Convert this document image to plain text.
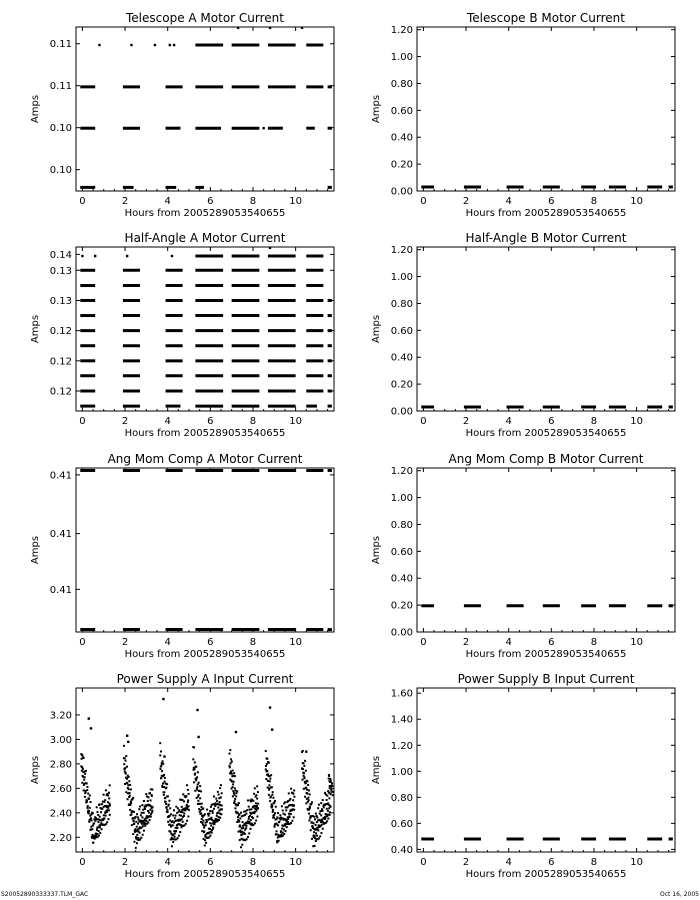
Telescope A Motor Current
0	2	4	6	8	10
0.10
0.10
0.11
0.11
Hours from 2005289053540655
Amps
Telescope B Motor Current
0	2	4	6	8	10
0.00
0.20
0.40
0.60
0.80
1.00
1.20
Hours from 2005289053540655
Amps
Half-Angle A Motor Current
0	2	4	6	8	10
0.12
0.12
0.12
0.13
0.13
0.14
Hours from 2005289053540655
Amps
Half-Angle B Motor Current
0	2	4	6	8	10
0.00
0.20
0.40
0.60
0.80
1.00
1.20
Hours from 2005289053540655
Amps
Ang Mom Comp A Motor Current
0	2	4	6	8	10
0.41
0.41
0.41
Hours from 2005289053540655
Amps
Ang Mom Comp B Motor Current
0	2	4	6	8	10
0.00
0.20
0.40
0.60
0.80
1.00
1.20
Hours from 2005289053540655
Amps
Power Supply A Input Current
0	2	4	6	8	10
2.20
2.40
2.60
2.80
3.00
3.20
Hours from 2005289053540655
Amps
Power Supply B Input Current
0	2	4	6	8	10
0.40
0.60
0.80
1.00
1.20
1.40
1.60
Hours from 2005289053540655
Amps
S20052890333337.TLM_GAC	Oct 16, 2005
